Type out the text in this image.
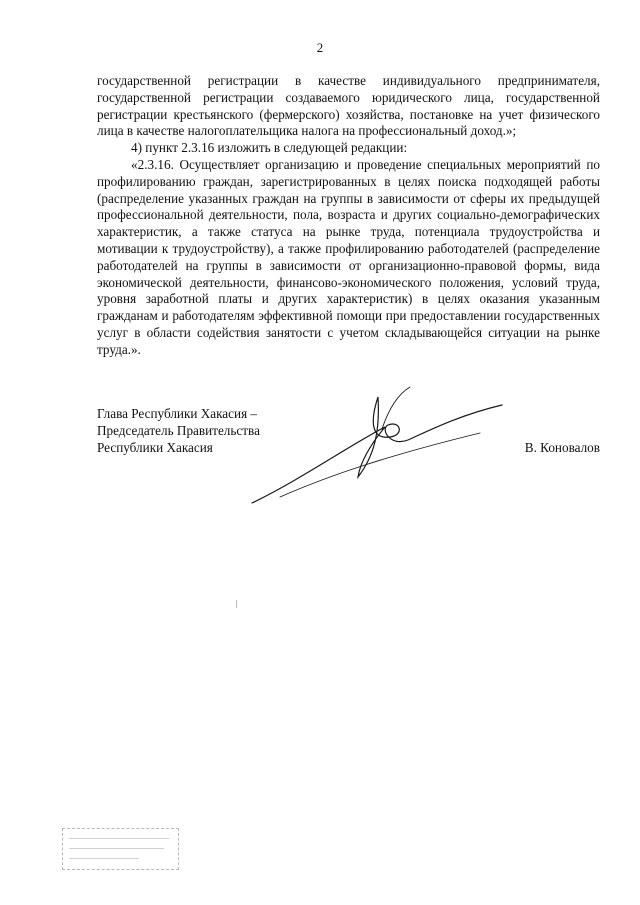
2

государственной регистрации в качестве индивидуального предпринимателя, государственной регистрации создаваемого юридического лица, государственной регистрации крестьянского (фермерского) хозяйства, постановке на учет физического лица в качестве налогоплательщика налога на профессиональный доход.»;

4) пункт 2.3.16 изложить в следующей редакции:

«2.3.16. Осуществляет организацию и проведение специальных мероприятий по профилированию граждан, зарегистрированных в целях поиска подходящей работы (распределение указанных граждан на группы в зависимости от сферы их предыдущей профессиональной деятельности, пола, возраста и других социально-демографических характеристик, а также статуса на рынке труда, потенциала трудоустройства и мотивации к трудоустройству), а также профилированию работодателей (распределение работодателей на группы в зависимости от организационно-правовой формы, вида экономической деятельности, финансово-экономического положения, условий труда, уровня заработной платы и других характеристик) в целях оказания указанным гражданам и работодателям эффективной помощи при предоставлении государственных услуг в области содействия занятости с учетом складывающейся ситуации на рынке труда.».

Глава Республики Хакасия –
Председатель Правительства
Республики Хакасия	В. Коновалов
